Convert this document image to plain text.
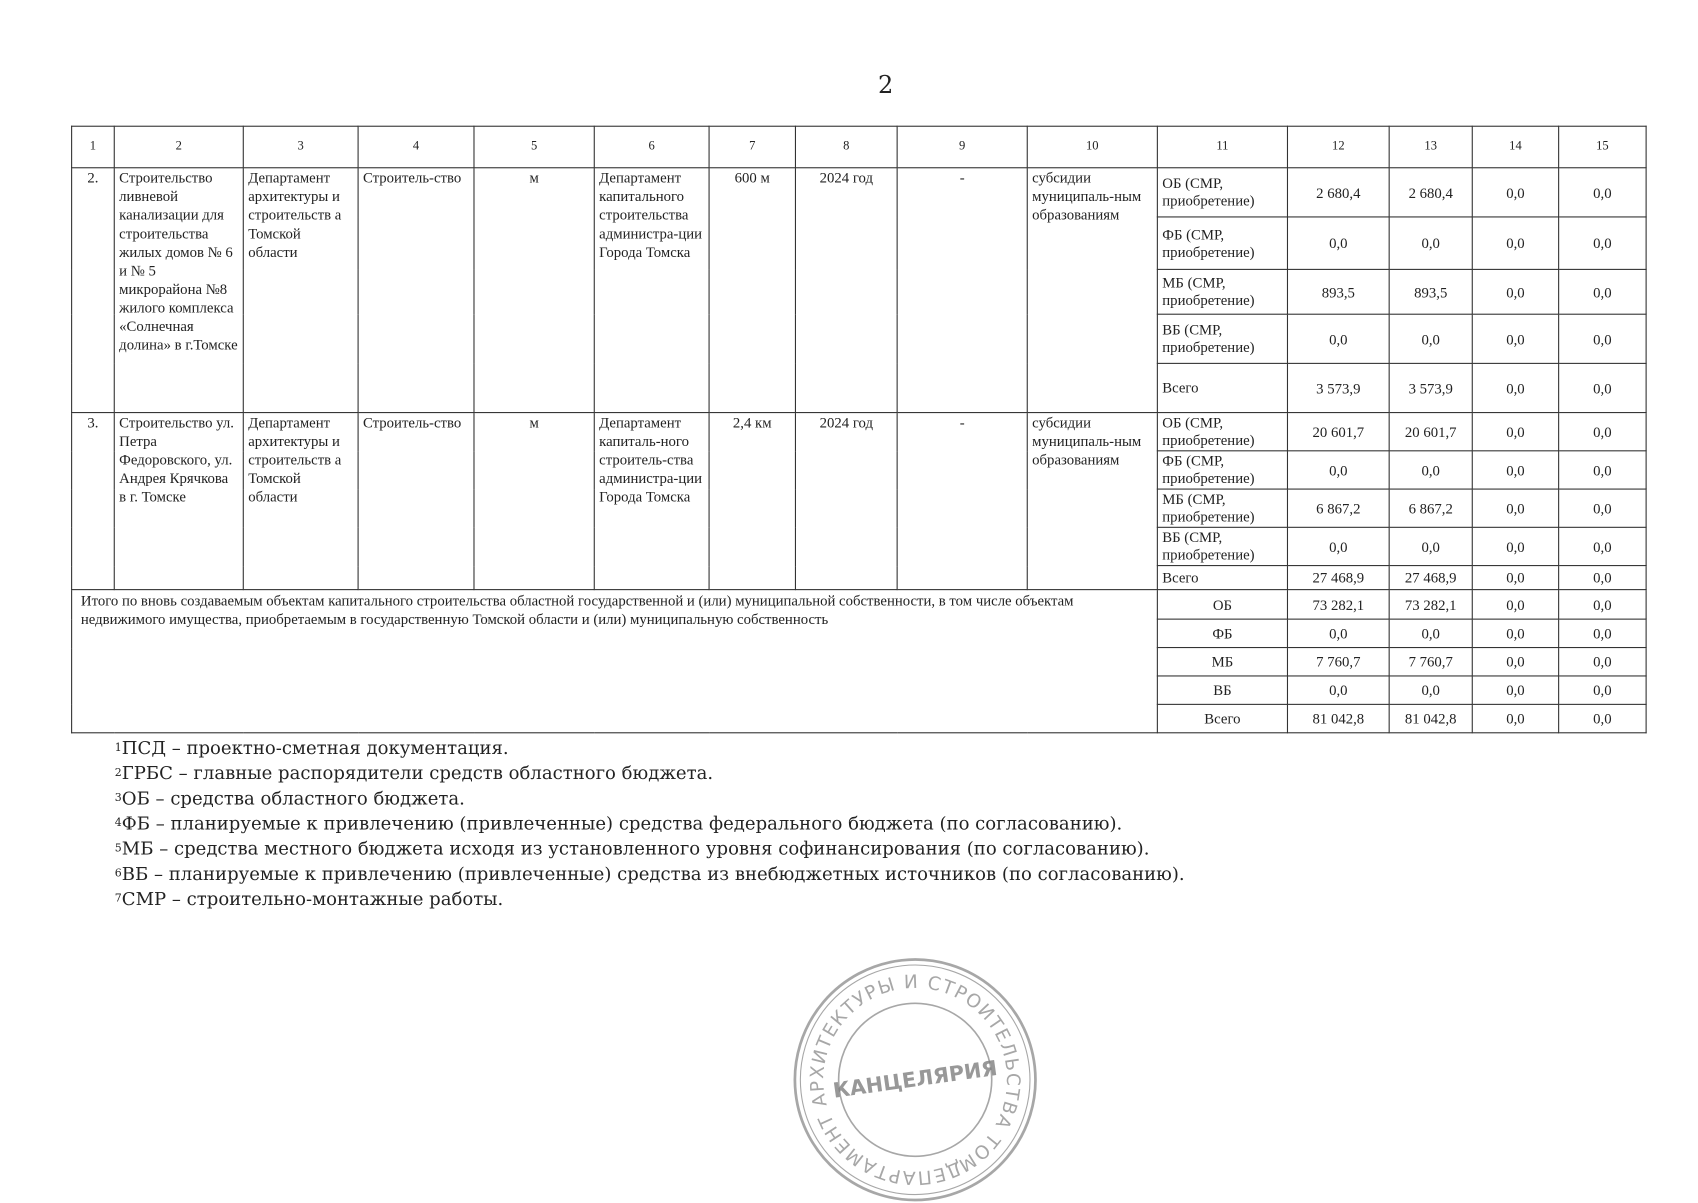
2
1	2	3	4	5	6	7	8	9	10	11	12	13	14	15
2.	Строительство ливневой канализации для строительства жилых домов № 6 и № 5 микрорайона №8 жилого комплекса «Солнечная долина» в г.Томске	Департамент архитектуры и строительств а Томской области	Строитель-ство	м	Департамент капитального строительства администра-ции Города Томска	600 м	2024 год	-	субсидии муниципаль-ным образованиям	ОБ (СМР, приобретение)	2 680,4	2 680,4	0,0	0,0
										ФБ (СМР, приобретение)	0,0	0,0	0,0	0,0
										МБ (СМР, приобретение)	893,5	893,5	0,0	0,0
										ВБ (СМР, приобретение)	0,0	0,0	0,0	0,0
										Всего	3 573,9	3 573,9	0,0	0,0
3.	Строительство ул. Петра Федоровского, ул. Андрея Крячкова в г. Томске	Департамент архитектуры и строительств а Томской области	Строитель-ство	м	Департамент капиталь-ного строитель-ства администра-ции Города Томска	2,4 км	2024 год	-	субсидии муниципаль-ным образованиям	ОБ (СМР, приобретение)	20 601,7	20 601,7	0,0	0,0
										ФБ (СМР, приобретение)	0,0	0,0	0,0	0,0
										МБ (СМР, приобретение)	6 867,2	6 867,2	0,0	0,0
										ВБ (СМР, приобретение)	0,0	0,0	0,0	0,0
										Всего	27 468,9	27 468,9	0,0	0,0
Итого по вновь создаваемым объектам капитального строительства областной государственной и (или) муниципальной собственности, в том числе объектам недвижимого имущества, приобретаемым в государственную Томской области и (или) муниципальную собственность										ОБ	73 282,1	73 282,1	0,0	0,0
										ФБ	0,0	0,0	0,0	0,0
										МБ	7 760,7	7 760,7	0,0	0,0
										ВБ	0,0	0,0	0,0	0,0
										Всего	81 042,8	81 042,8	0,0	0,0
$^1$ПСД – проектно-сметная документация.
$^2$ГРБС – главные распорядители средств областного бюджета.
$^3$ОБ – средства областного бюджета.
$^4$ФБ – планируемые к привлечению (привлеченные) средства федерального бюджета (по согласованию).
$^5$МБ – средства местного бюджета исходя из установленного уровня софинансирования (по согласованию).
$^6$ВБ – планируемые к привлечению (привлеченные) средства из внебюджетных источников (по согласованию).
$^7$СМР – строительно-монтажные работы.
ДЕПАРТАМЕНТ АРХИТЕКТУРЫ И СТРОИТЕЛЬСТВА ТОМСКОЙ
КАНЦЕЛЯРИЯ
